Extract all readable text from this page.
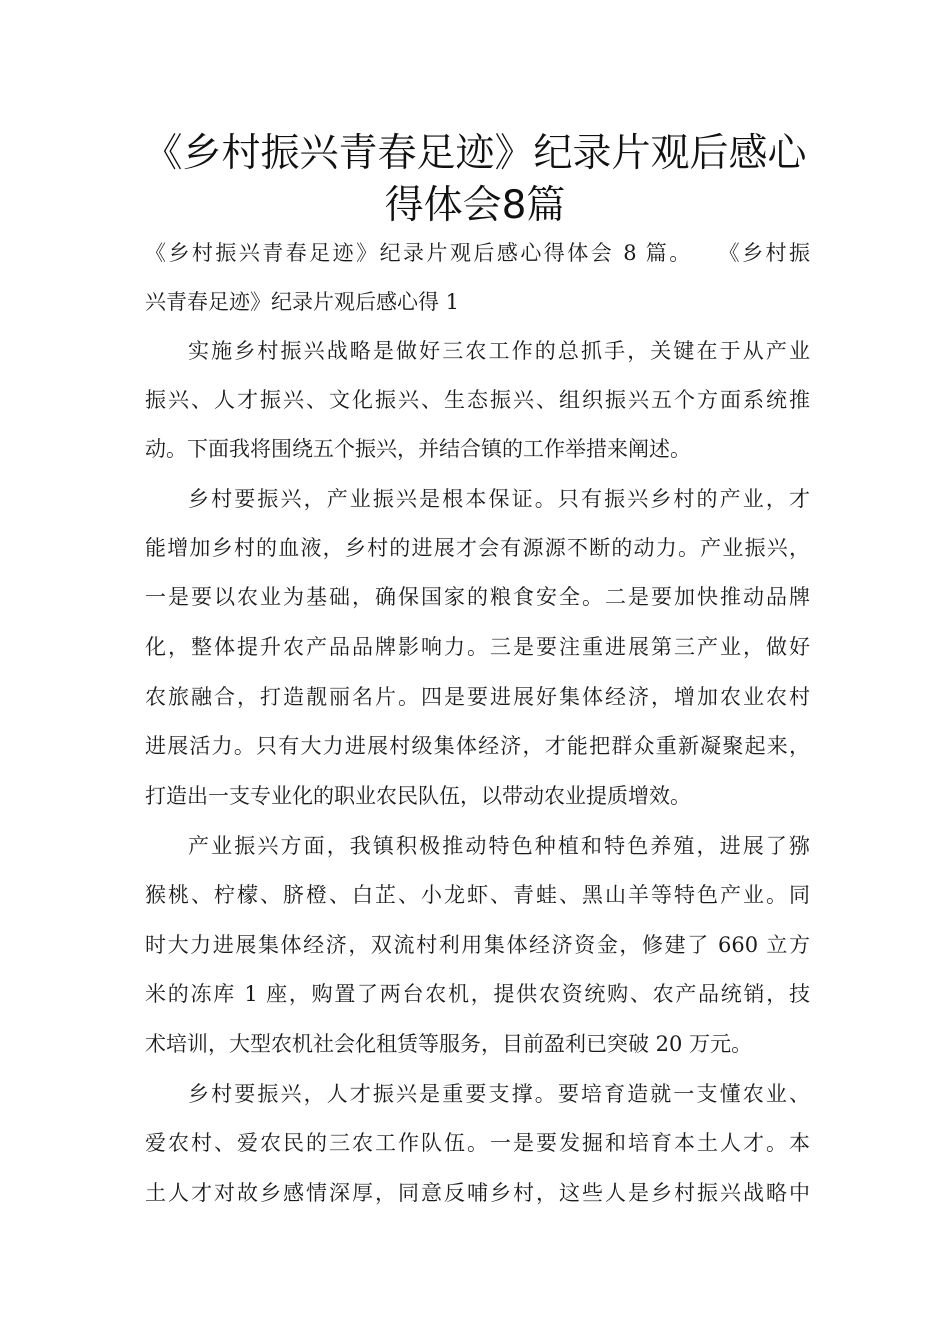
《乡村振兴青春足迹》纪录片观后感心
得体会8篇

《乡村振兴青春足迹》纪录片观后感心得体会 8 篇。　　《乡村振

兴青春足迹》纪录片观后感心得 1

实施乡村振兴战略是做好三农工作的总抓手，关键在于从产业

振兴、人才振兴、文化振兴、生态振兴、组织振兴五个方面系统推

动。下面我将围绕五个振兴，并结合镇的工作举措来阐述。

乡村要振兴，产业振兴是根本保证。只有振兴乡村的产业，才

能增加乡村的血液，乡村的进展才会有源源不断的动力。产业振兴，

一是要以农业为基础，确保国家的粮食安全。二是要加快推动品牌

化，整体提升农产品品牌影响力。三是要注重进展第三产业，做好

农旅融合，打造靓丽名片。四是要进展好集体经济，增加农业农村

进展活力。只有大力进展村级集体经济，才能把群众重新凝聚起来，

打造出一支专业化的职业农民队伍，以带动农业提质增效。

产业振兴方面，我镇积极推动特色种植和特色养殖，进展了猕

猴桃、柠檬、脐橙、白芷、小龙虾、青蛙、黑山羊等特色产业。同

时大力进展集体经济，双流村利用集体经济资金，修建了 660 立方

米的冻库 1 座，购置了两台农机，提供农资统购、农产品统销，技

术培训，大型农机社会化租赁等服务，目前盈利已突破 20 万元。

乡村要振兴，人才振兴是重要支撑。要培育造就一支懂农业、

爱农村、爱农民的三农工作队伍。一是要发掘和培育本土人才。本

土人才对故乡感情深厚，同意反哺乡村，这些人是乡村振兴战略中
